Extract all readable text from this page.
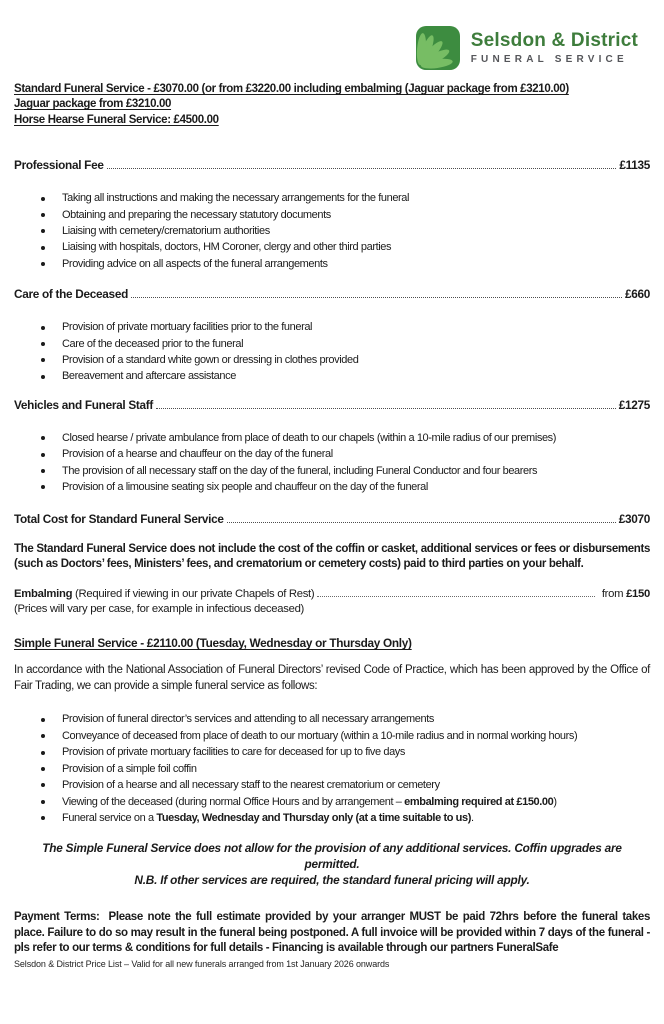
Selsdon & District
FUNERAL SERVICE
Standard Funeral Service - £3070.00 (or from £3220.00 including embalming (Jaguar package from £3210.00)
Jaguar package from £3210.00
Horse Hearse Funeral Service: £4500.00
Professional Fee	£1135
Taking all instructions and making the necessary arrangements for the funeral
Obtaining and preparing the necessary statutory documents
Liaising with cemetery/crematorium authorities
Liaising with hospitals, doctors, HM Coroner, clergy and other third parties
Providing advice on all aspects of the funeral arrangements
Care of the Deceased	£660
Provision of private mortuary facilities prior to the funeral
Care of the deceased prior to the funeral
Provision of a standard white gown or dressing in clothes provided
Bereavement and aftercare assistance
Vehicles and Funeral Staff	£1275
Closed hearse / private ambulance from place of death to our chapels (within a 10-mile radius of our premises)
Provision of a hearse and chauffeur on the day of the funeral
The provision of all necessary staff on the day of the funeral, including Funeral Conductor and four bearers
Provision of a limousine seating six people and chauffeur on the day of the funeral
Total Cost for Standard Funeral Service	£3070

The Standard Funeral Service does not include the cost of the coffin or casket, additional services or fees or disbursements (such as Doctors’ fees, Ministers’ fees, and crematorium or cemetery costs) paid to third parties on your behalf.

Embalming (Required if viewing in our private Chapels of Rest)	from £150
(Prices will vary per case, for example in infectious deceased)
Simple Funeral Service - £2110.00 (Tuesday, Wednesday or Thursday Only)

In accordance with the National Association of Funeral Directors’ revised Code of Practice, which has been approved by the Office of Fair Trading, we can provide a simple funeral service as follows:

Provision of funeral director’s services and attending to all necessary arrangements
Conveyance of deceased from place of death to our mortuary (within a 10-mile radius and in normal working hours)
Provision of private mortuary facilities to care for deceased for up to five days
Provision of a simple foil coffin
Provision of a hearse and all necessary staff to the nearest crematorium or cemetery
Viewing of the deceased (during normal Office Hours and by arrangement – embalming required at £150.00)
Funeral service on a Tuesday, Wednesday and Thursday only (at a time suitable to us).
The Simple Funeral Service does not allow for the provision of any additional services. Coffin upgrades are permitted.
N.B. If other services are required, the standard funeral pricing will apply.

Payment Terms: Please note the full estimate provided by your arranger MUST be paid 72hrs before the funeral takes place. Failure to do so may result in the funeral being postponed. A full invoice will be provided within 7 days of the funeral - pls refer to our terms & conditions for full details - Financing is available through our partners FuneralSafe

Selsdon & District Price List – Valid for all new funerals arranged from 1st January 2026 onwards
